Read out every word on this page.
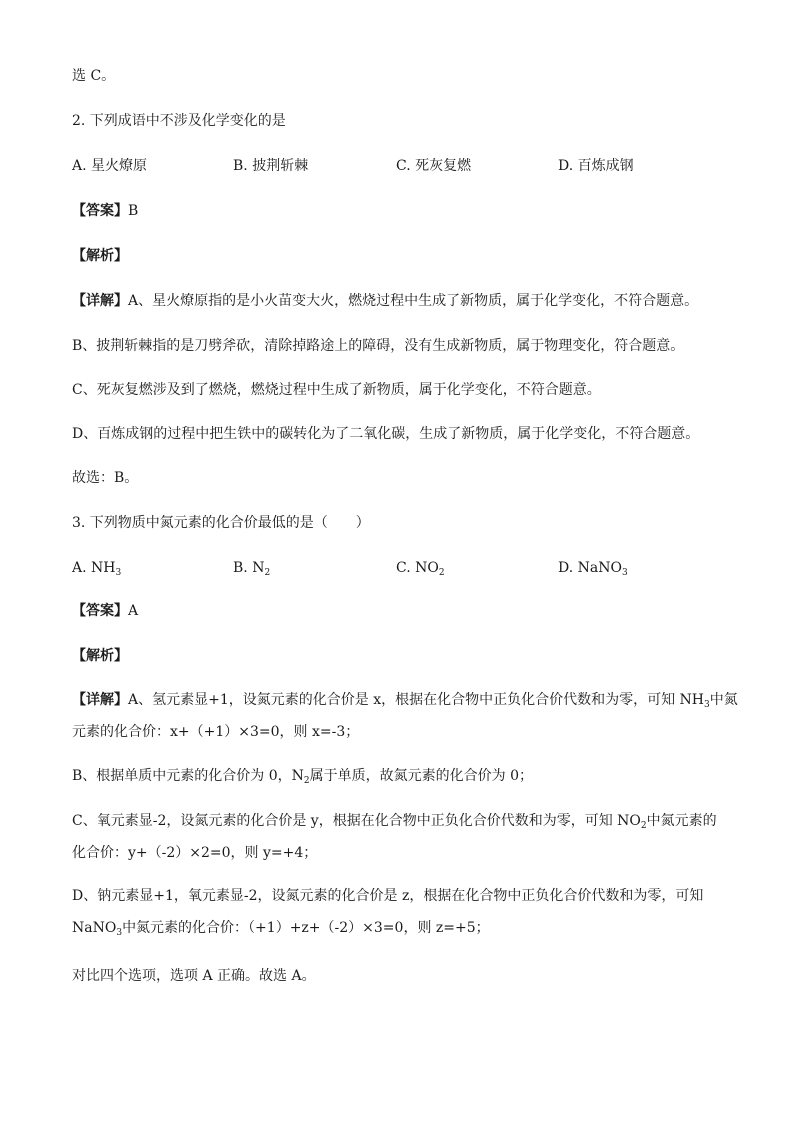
选 C。
2. 下列成语中不涉及化学变化的是
A. 星火燎原	B. 披荆斩棘	C. 死灰复燃	D. 百炼成钢
【答案】B
【解析】
【详解】A、星火燎原指的是小火苗变大火，燃烧过程中生成了新物质，属于化学变化，不符合题意。
B、披荆斩棘指的是刀劈斧砍，清除掉路途上的障碍，没有生成新物质，属于物理变化，符合题意。
C、死灰复燃涉及到了燃烧，燃烧过程中生成了新物质，属于化学变化，不符合题意。
D、百炼成钢的过程中把生铁中的碳转化为了二氧化碳，生成了新物质，属于化学变化，不符合题意。
故选：B。
3. 下列物质中氮元素的化合价最低的是（　　）
A. $NH_3$	B. $N_2$	C. $NO_2$	D. NaNO$_3$
【答案】A
【解析】
【详解】A、氢元素显+1，设氮元素的化合价是 x，根据在化合物中正负化合价代数和为零，可知 $NH_3$中氮
元素的化合价：x+（+1）×3=0，则 x=-3；
B、根据单质中元素的化合价为 0，$N_2$属于单质，故氮元素的化合价为 0；
C、氧元素显-2，设氮元素的化合价是 y，根据在化合物中正负化合价代数和为零，可知 $NO_2$中氮元素的
化合价：y+（-2）×2=0，则 y=+4；
D、钠元素显+1，氧元素显-2，设氮元素的化合价是 z，根据在化合物中正负化合价代数和为零，可知
NaNO$_3$中氮元素的化合价：（+1）+z+（-2）×3=0，则 z=+5；
对比四个选项，选项 A 正确。故选 A。
